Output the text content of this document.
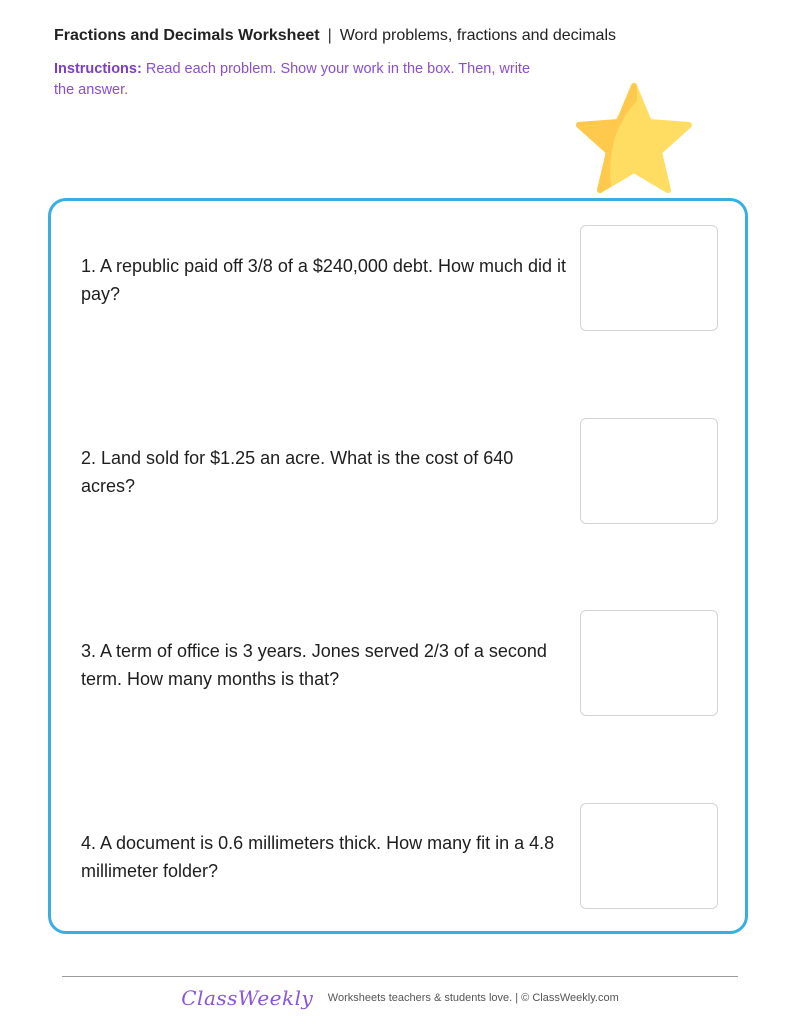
Fractions and Decimals Worksheet | Word problems, fractions and decimals
Instructions: Read each problem. Show your work in the box. Then, write the answer.
1. A republic paid off 3/8 of a $240,000 debt. How much did it pay?
2. Land sold for $1.25 an acre. What is the cost of 640 acres?
3. A term of office is 3 years. Jones served 2/3 of a second term. How many months is that?
4. A document is 0.6 millimeters thick. How many fit in a 4.8 millimeter folder?
ClassWeekly Worksheets teachers & students love. | © ClassWeekly.com
